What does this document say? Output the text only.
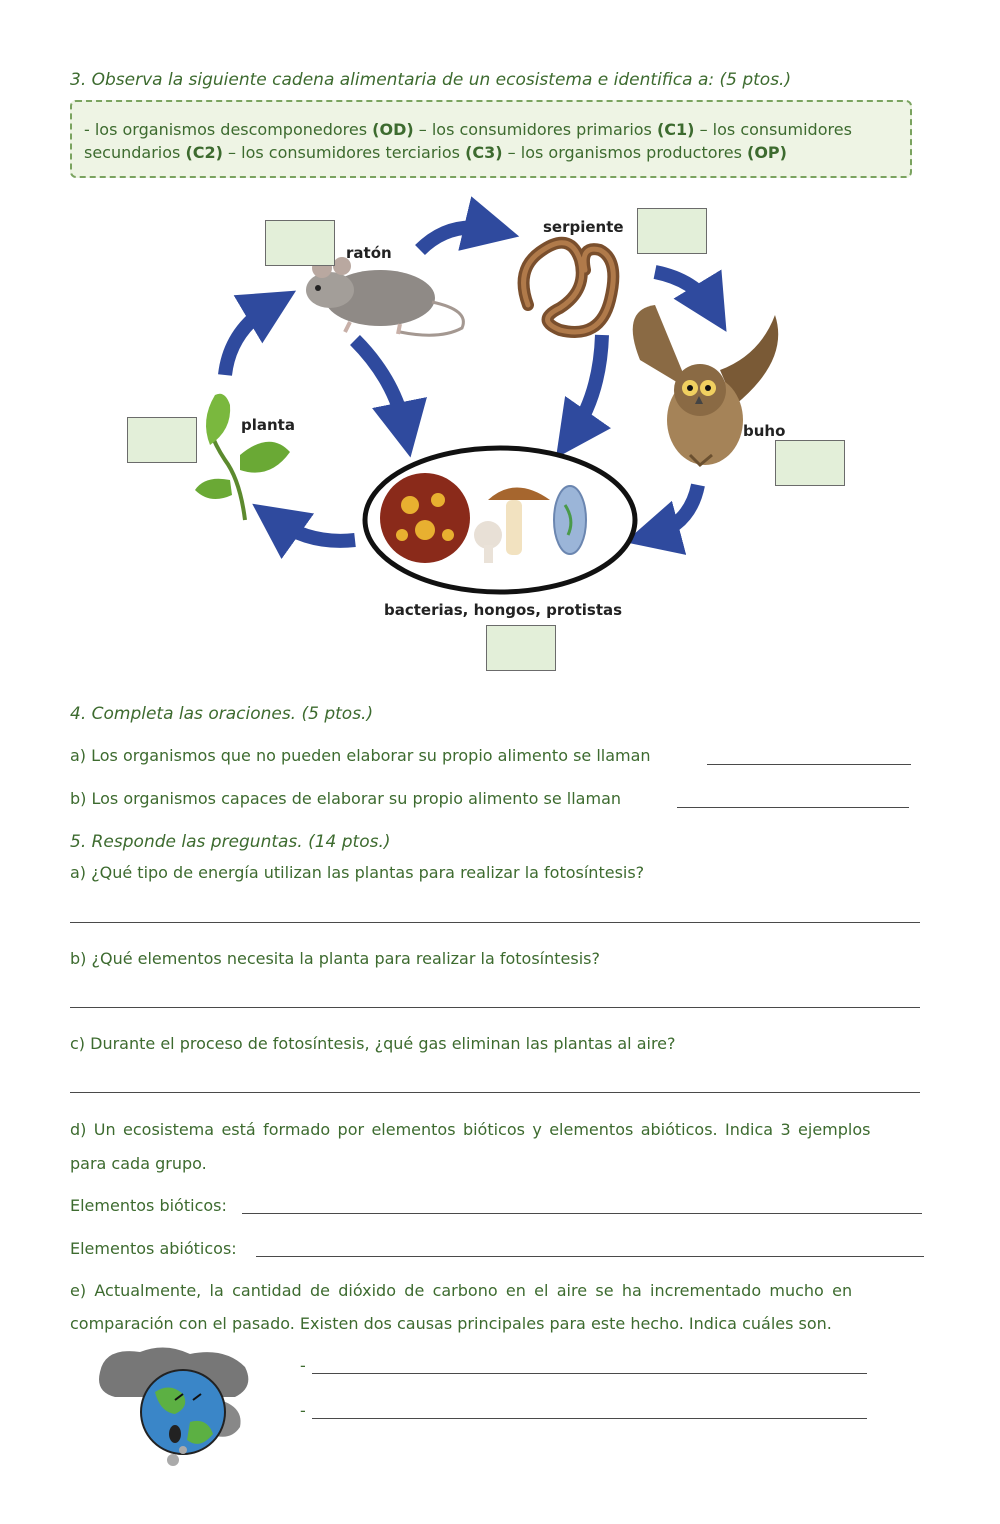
3. Observa la siguiente cadena alimentaria de un ecosistema e identifica a: (5 ptos.)
- los organismos descomponedores (OD) – los consumidores primarios (C1) – los consumidores
secundarios (C2) – los consumidores terciarios (C3) – los organismos productores (OP)
ratón
serpiente
planta	buho
bacterias, hongos, protistas
4. Completa las oraciones. (5 ptos.)
a) Los organismos que no pueden elaborar su propio alimento se llaman
b) Los organismos capaces de elaborar su propio alimento se llaman
5. Responde las preguntas. (14 ptos.)
a) ¿Qué tipo de energía utilizan las plantas para realizar la fotosíntesis?
b) ¿Qué elementos necesita la planta para realizar la fotosíntesis?
c) Durante el proceso de fotosíntesis, ¿qué gas eliminan las plantas al aire?
d) Un ecosistema está formado por elementos bióticos y elementos abióticos. Indica 3 ejemplos
para cada grupo.
Elementos bióticos:
Elementos abióticos:
e) Actualmente, la cantidad de dióxido de carbono en el aire se ha incrementado mucho en
comparación con el pasado. Existen dos causas principales para este hecho. Indica cuáles son.
-
-
